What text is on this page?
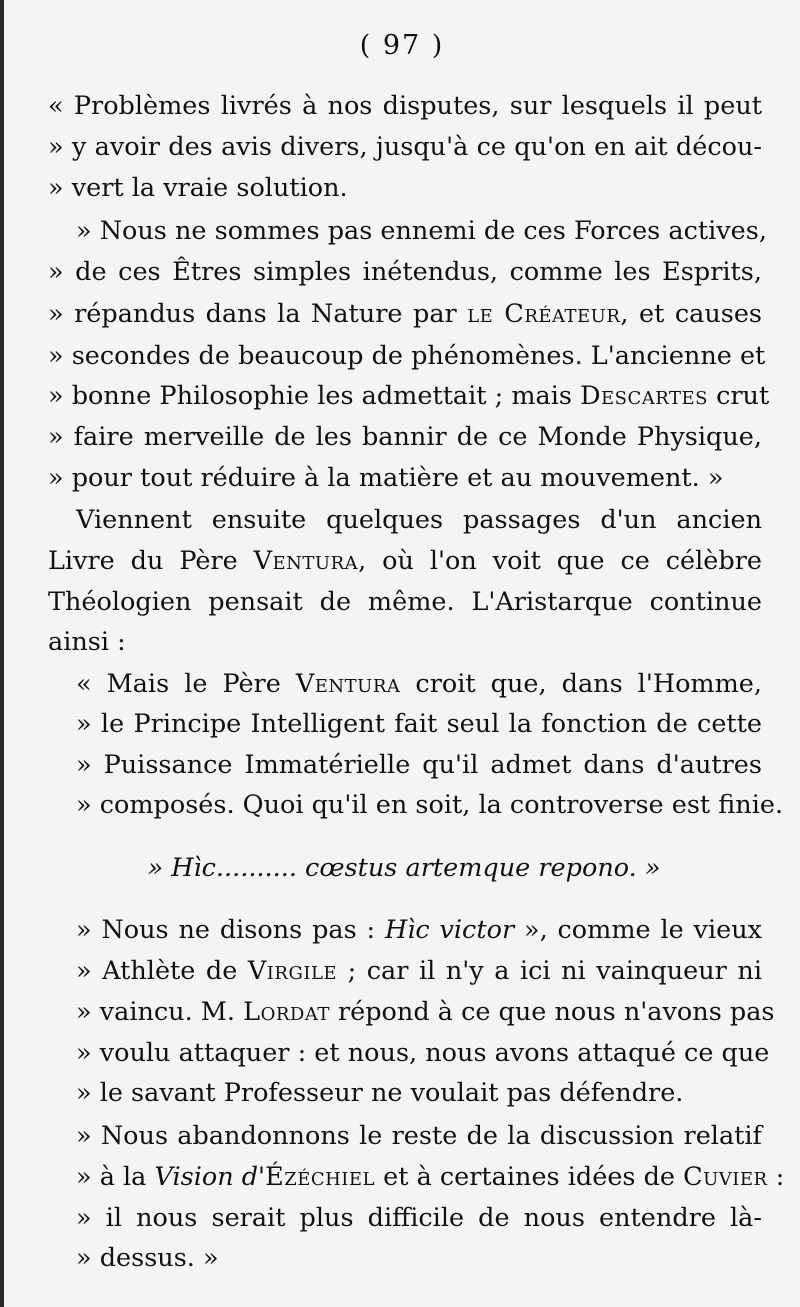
( 97 )
« Problèmes livrés à nos disputes, sur lesquels il peut
» y avoir des avis divers, jusqu'à ce qu'on en ait décou-
» vert la vraie solution.
» Nous ne sommes pas ennemi de ces Forces actives,
» de ces Êtres simples inétendus, comme les Esprits,
» répandus dans la Nature par le Créateur, et causes
» secondes de beaucoup de phénomènes. L'ancienne et
» bonne Philosophie les admettait ; mais Descartes crut
» faire merveille de les bannir de ce Monde Physique,
» pour tout réduire à la matière et au mouvement. »
Viennent ensuite quelques passages d'un ancien
Livre du Père Ventura, où l'on voit que ce célèbre
Théologien pensait de même. L'Aristarque continue
ainsi :
« Mais le Père Ventura croit que, dans l'Homme,
» le Principe Intelligent fait seul la fonction de cette
» Puissance Immatérielle qu'il admet dans d'autres
» composés. Quoi qu'il en soit, la controverse est finie.
» Hìc.......... cœstus artemque repono. »
» Nous ne disons pas : Hìc victor », comme le vieux
» Athlète de Virgile ; car il n'y a ici ni vainqueur ni
» vaincu. M. Lordat répond à ce que nous n'avons pas
» voulu attaquer : et nous, nous avons attaqué ce que
» le savant Professeur ne voulait pas défendre.
» Nous abandonnons le reste de la discussion relatif
» à la Vision d'Ézéchiel et à certaines idées de Cuvier :
» il nous serait plus difficile de nous entendre là-
» dessus. »
